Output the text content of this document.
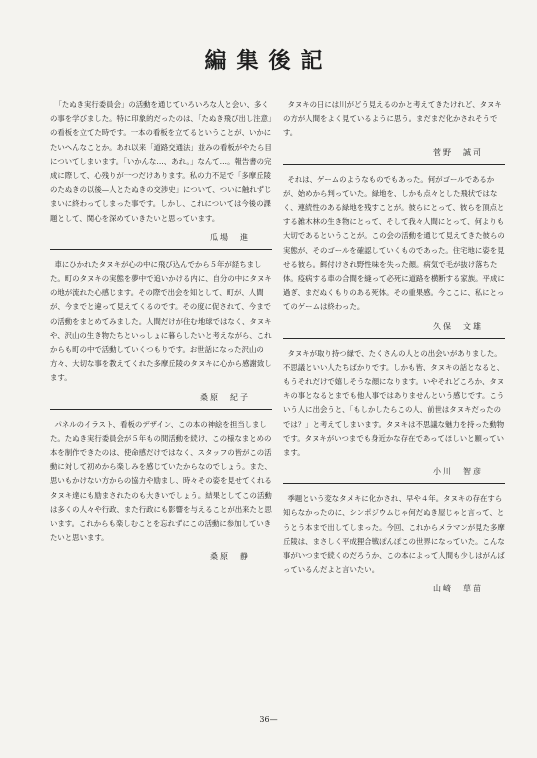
編集後記

「たぬき実行委員会」の活動を通じていろいろな人と会い、多くの事を学びました。特に印象的だったのは、「たぬき飛び出し注意」の看板を立てた時です。一本の看板を立てるということが、いかにたいへんなことか。あれ以来「道路交通法」並みの看板がやたら目についてしまいます。「いかんな…、あれ。」なんて…。報告書の完成に際して、心残りが一つだけあります。私の力不足で「多摩丘陵のたぬきの以後—人とたぬきの交渉史」について、ついに触れずじまいに終わってしまった事です。しかし、これについては今後の課題として、関心を深めていきたいと思っています。

瓜場　進

車にひかれたタヌキが心の中に飛び込んでから５年が経ちました。町のタヌキの実態を夢中で追いかける内に、自分の中にタヌキの地が流れた心感じます。その際で出会を知として、町が、人間が、今までと違って見えてくるのです。その度に促されて、今までの活動をまとめてみました。人間だけが住む地球ではなく、タヌキや、沢山の生き物たちといっしょに暮らしたいと考えながら、これからも町の中で活動していくつもりです。お世話になった沢山の方々、大切な事を教えてくれた多摩丘陵のタヌキに心から感謝致します。

桑原　紀子

パネルのイラスト、看板のデザイン、この本の神絵を担当しました。たぬき実行委員会が５年もの間活動を続け、この様なまとめの本を制作できたのは、使命感だけではなく、スタッフの皆がこの活動に対して初めから楽しみを感じていたからなのでしょう。また、思いもかけない方からの協力や励まし、時々その姿を見せてくれるタヌキ達にも励まされたのも大きいでしょう。結果としてこの活動は多くの人々や行政、また行政にも影響を与えることが出来たと思います。これからも楽しむことを忘れずにこの活動に参加していきたいと思います。

桑原　静

タヌキの日には川がどう見えるのかと考えてきたけれど、タヌキの方が人間をよく見ているように思う。まだまだ化かされそうです。

菅野　誠司

それは、ゲームのようなものでもあった。何がゴールであるかが、始めから判っていた。緑地を、しかも点々とした飛状ではなく、連続性のある緑地を残すことが。彼らにとって、彼らを頂点とする雑木林の生き物にとって、そして我々人間にとって、何よりも大切であるということが。この会の活動を通じて見えてきた彼らの実態が、そのゴールを確認していくものであった。住宅地に姿を見せる彼ら。餌付けされ野性味を失った顔。病気で毛が抜け落ちた体。疫病する車の合間を縫って必死に道路を横断する家族。平成に過ぎ、まだぬくもりのある死体。その重果感。今ここに、私にとってのゲームは終わった。

久保　文雄

タヌキが取り持つ縁で、たくさんの人との出会いがありました。不思議といい人たちばかりです。しかも皆、タヌキの話となると、もうそれだけで嬉しそうな顔になります。いやそれどころか、タヌキの事となるとまでも他人事ではありませんという感じです。こういう人に出会うと、「もしかしたらこの人、前世はタヌキだったのでは？」と考えてしまいます。タヌキは不思議な魅力を持った動物です。タヌキがいつまでも身近かな存在であってほしいと願っています。

小川　智彦

季題という変なタメキに化かされ、早や４年。タヌキの存在すら知らなかったのに、シンポジウムじゃ何だぬき屋じゃと言って、とうとう本まで出してしまった。今回、これからメラマンが見た多摩丘陵は、まさしく平成狸合戦ぽんぽこの世界になっていた。こんな事がいつまで続くのだろうか、この本によって人間も少しはがんばっているんだよと言いたい。

山崎　草苗
36—
